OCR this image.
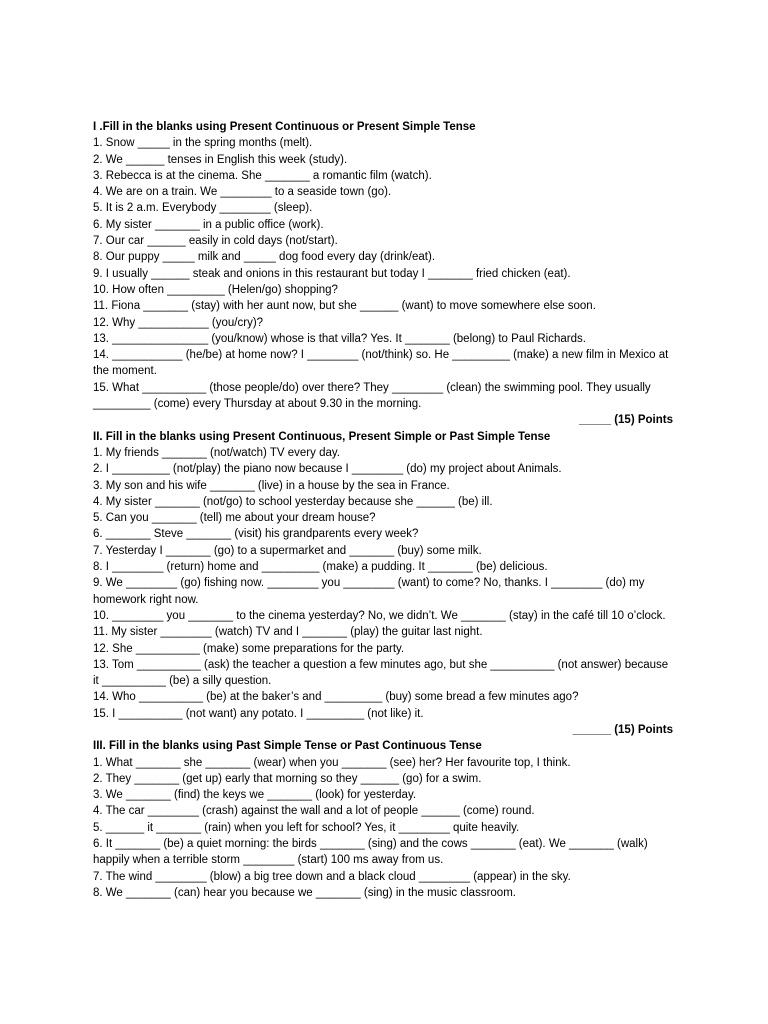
I .Fill in the blanks using Present Continuous or Present Simple Tense
1. Snow _____ in the spring months (melt).
2. We ______ tenses in English this week (study).
3. Rebecca is at the cinema. She _______ a romantic film (watch).
4. We are on a train. We ________ to a seaside town (go).
5. It is 2 a.m. Everybody ________ (sleep).
6. My sister _______ in a public office (work).
7. Our car ______ easily in cold days (not/start).
8. Our puppy _____ milk and _____ dog food every day (drink/eat).
9. I usually ______ steak and onions in this restaurant but today I _______ fried chicken (eat).
10. How often _________ (Helen/go) shopping?
11. Fiona _______ (stay) with her aunt now, but she ______ (want) to move somewhere else soon.
12. Why ___________ (you/cry)?
13. _______________ (you/know) whose is that villa? Yes. It _______ (belong) to Paul Richards.
14. ___________ (he/be) at home now? I ________ (not/think) so. He _________ (make) a new film in Mexico at the moment.
15. What __________ (those people/do) over there? They ________ (clean) the swimming pool. They usually _________ (come) every Thursday at about 9.30 in the morning.
_____ (15) Points
II. Fill in the blanks using Present Continuous, Present Simple or Past Simple Tense
1. My friends _______ (not/watch) TV every day.
2. I _________ (not/play) the piano now because I ________ (do) my project about Animals.
3. My son and his wife _______ (live) in a house by the sea in France.
4. My sister _______ (not/go) to school yesterday because she ______ (be) ill.
5. Can you _______ (tell) me about your dream house?
6. _______ Steve _______ (visit) his grandparents every week?
7. Yesterday I _______ (go) to a supermarket and _______ (buy) some milk.
8. I ________ (return) home and _________ (make) a pudding. It _______ (be) delicious.
9. We ________ (go) fishing now. ________ you ________ (want) to come? No, thanks. I ________ (do) my homework right now.
10. ________ you _______ to the cinema yesterday? No, we didn’t. We _______ (stay) in the café till 10 o’clock.
11. My sister ________ (watch) TV and I _______ (play) the guitar last night.
12. She __________ (make) some preparations for the party.
13. Tom __________ (ask) the teacher a question a few minutes ago, but she __________ (not answer) because it __________ (be) a silly question.
14. Who __________ (be) at the baker’s and _________ (buy) some bread a few minutes ago?
15. I __________ (not want) any potato. I _________ (not like) it.
______ (15) Points
III. Fill in the blanks using Past Simple Tense or Past Continuous Tense
1. What _______ she _______ (wear) when you _______ (see) her? Her favourite top, I think.
2. They _______ (get up) early that morning so they ______ (go) for a swim.
3. We _______ (find) the keys we _______ (look) for yesterday.
4. The car ________ (crash) against the wall and a lot of people ______ (come) round.
5. ______ it _______ (rain) when you left for school? Yes, it ________ quite heavily.
6. It _______ (be) a quiet morning: the birds _______ (sing) and the cows _______ (eat). We _______ (walk) happily when a terrible storm ________ (start) 100 ms away from us.
7. The wind ________ (blow) a big tree down and a black cloud ________ (appear) in the sky.
8. We _______ (can) hear you because we _______ (sing) in the music classroom.
